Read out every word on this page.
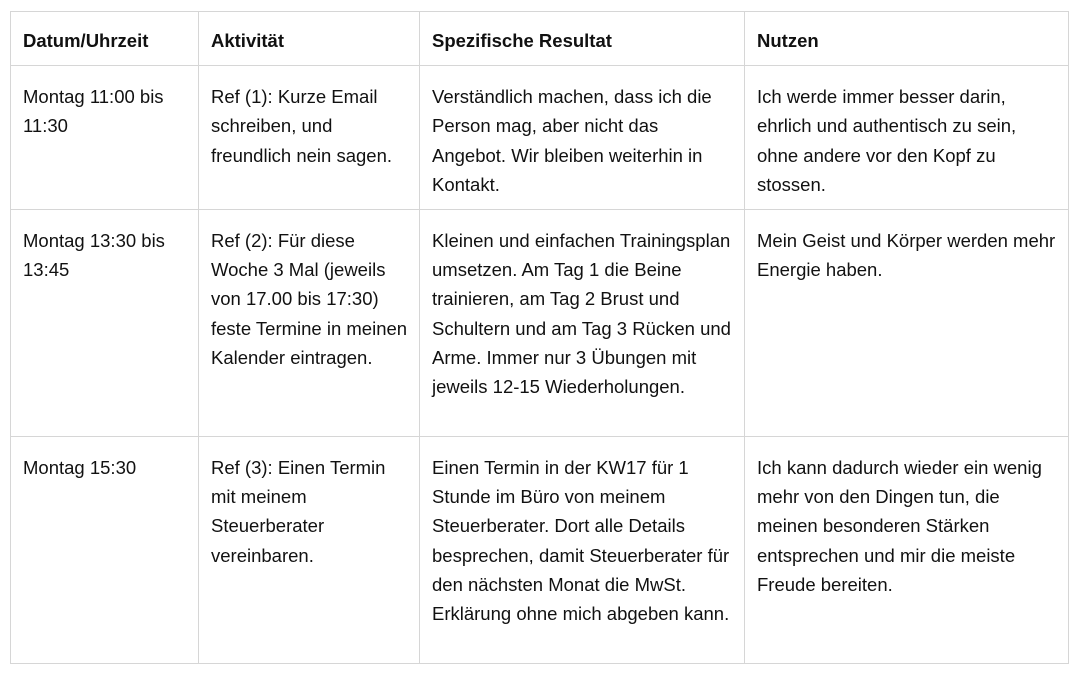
Datum/Uhrzeit	Aktivität	Spezifische Resultat	Nutzen
Montag 11:00 bis 11:30	Ref (1): Kurze Email schreiben, und freundlich nein sagen.	Verständlich machen, dass ich die Person mag, aber nicht das Angebot. Wir bleiben weiterhin in Kontakt.	Ich werde immer besser darin, ehrlich und authentisch zu sein, ohne andere vor den Kopf zu stossen.
Montag 13:30 bis 13:45	Ref (2): Für diese Woche 3 Mal (jeweils von 17.00 bis 17:30) feste Termine in meinen Kalender eintragen.	Kleinen und einfachen Trainingsplan umsetzen. Am Tag 1 die Beine trainieren, am Tag 2 Brust und Schultern und am Tag 3 Rücken und Arme. Immer nur 3 Übungen mit jeweils 12-15 Wiederholungen.	Mein Geist und Körper werden mehr Energie haben.
Montag 15:30	Ref (3): Einen Termin mit meinem Steuerberater vereinbaren.	Einen Termin in der KW17 für 1 Stunde im Büro von meinem Steuerberater. Dort alle Details besprechen, damit Steuerberater für den nächsten Monat die MwSt. Erklärung ohne mich abgeben kann.	Ich kann dadurch wieder ein wenig mehr von den Dingen tun, die meinen besonderen Stärken entsprechen und mir die meiste Freude bereiten.
